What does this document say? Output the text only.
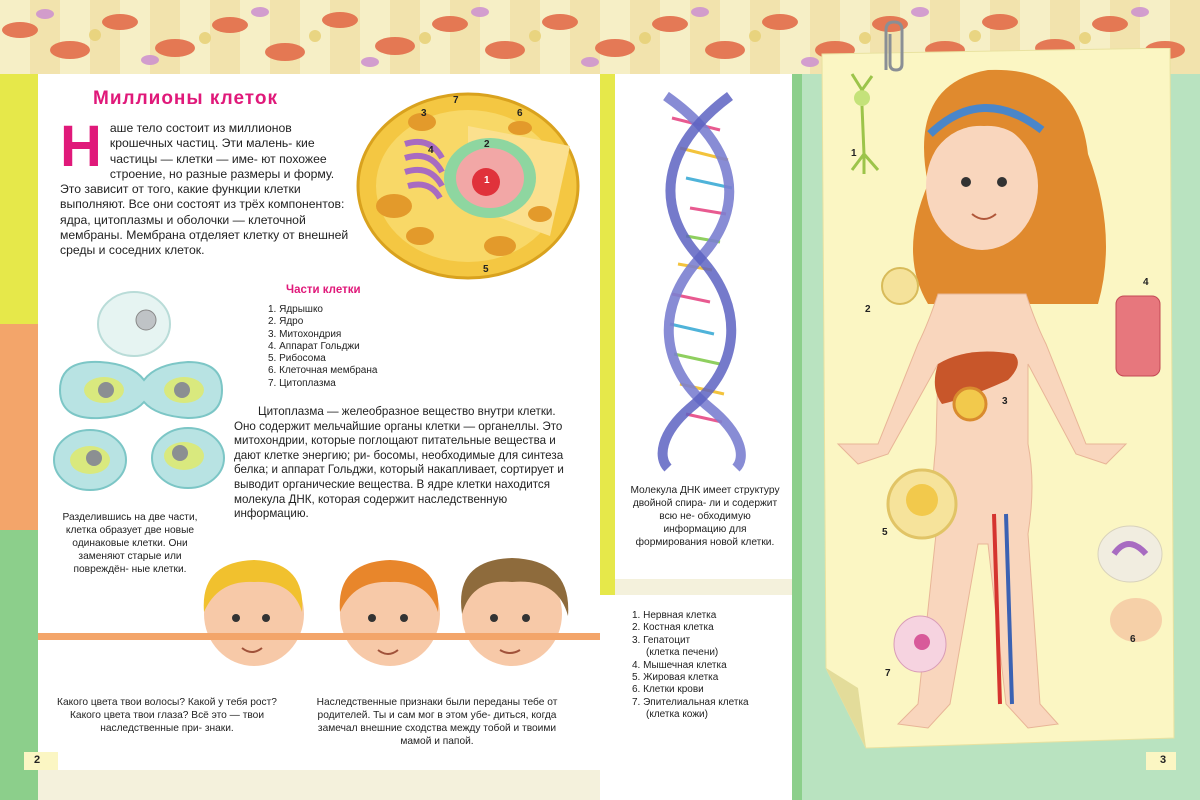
Миллионы клеток
Н аше тело состоит из миллионов крошечных частиц. Эти малень- кие частицы — клетки — име- ют похожее строение, но разные размеры и форму. Это зависит от того, какие функции клетки выполняют. Все они состоят из трёх компонентов: ядра, цитоплазмы и оболочки — клеточной мембраны. Мембрана отделяет клетку от внешней среды и соседних клеток.
1
2
3
4
5
6
7
Части клетки
1. Ядрышко
2. Ядро
3. Митохондрия
4. Аппарат Гольджи
5. Рибосома
6. Клеточная мембрана
7. Цитоплазма
Цитоплазма — желеобразное вещество внутри клетки. Оно содержит мельчайшие органы клетки — органеллы. Это митохондрии, которые поглощают питательные вещества и дают клетке энергию; ри- босомы, необходимые для синтеза белка; и аппарат Гольджи, который накапливает, сортирует и выводит органические вещества. В ядре клетки находится молекула ДНК, которая содержит наследственную информацию.
Разделившись на две части, клетка образует две новые одинаковые клетки. Они заменяют старые или повреждён- ные клетки.
Какого цвета твои волосы? Какой у тебя рост? Какого цвета твои глаза? Всё это — твои наследственные при- знаки.
Наследственные признаки были переданы тебе от родителей. Ты и сам мог в этом убе- диться, когда замечал внешние сходства между тобой и твоими мамой и папой.
2	3
Молекула ДНК имеет структуру двойной спира- ли и содержит всю не- обходимую информацию для формирования новой клетки.
1. Нервная клетка
2. Костная клетка
3. Гепатоцит
(клетка печени)
4. Мышечная клетка
5. Жировая клетка
6. Клетки крови
7. Эпителиальная клетка
(клетка кожи)
1
2
3
4
5
6
7
